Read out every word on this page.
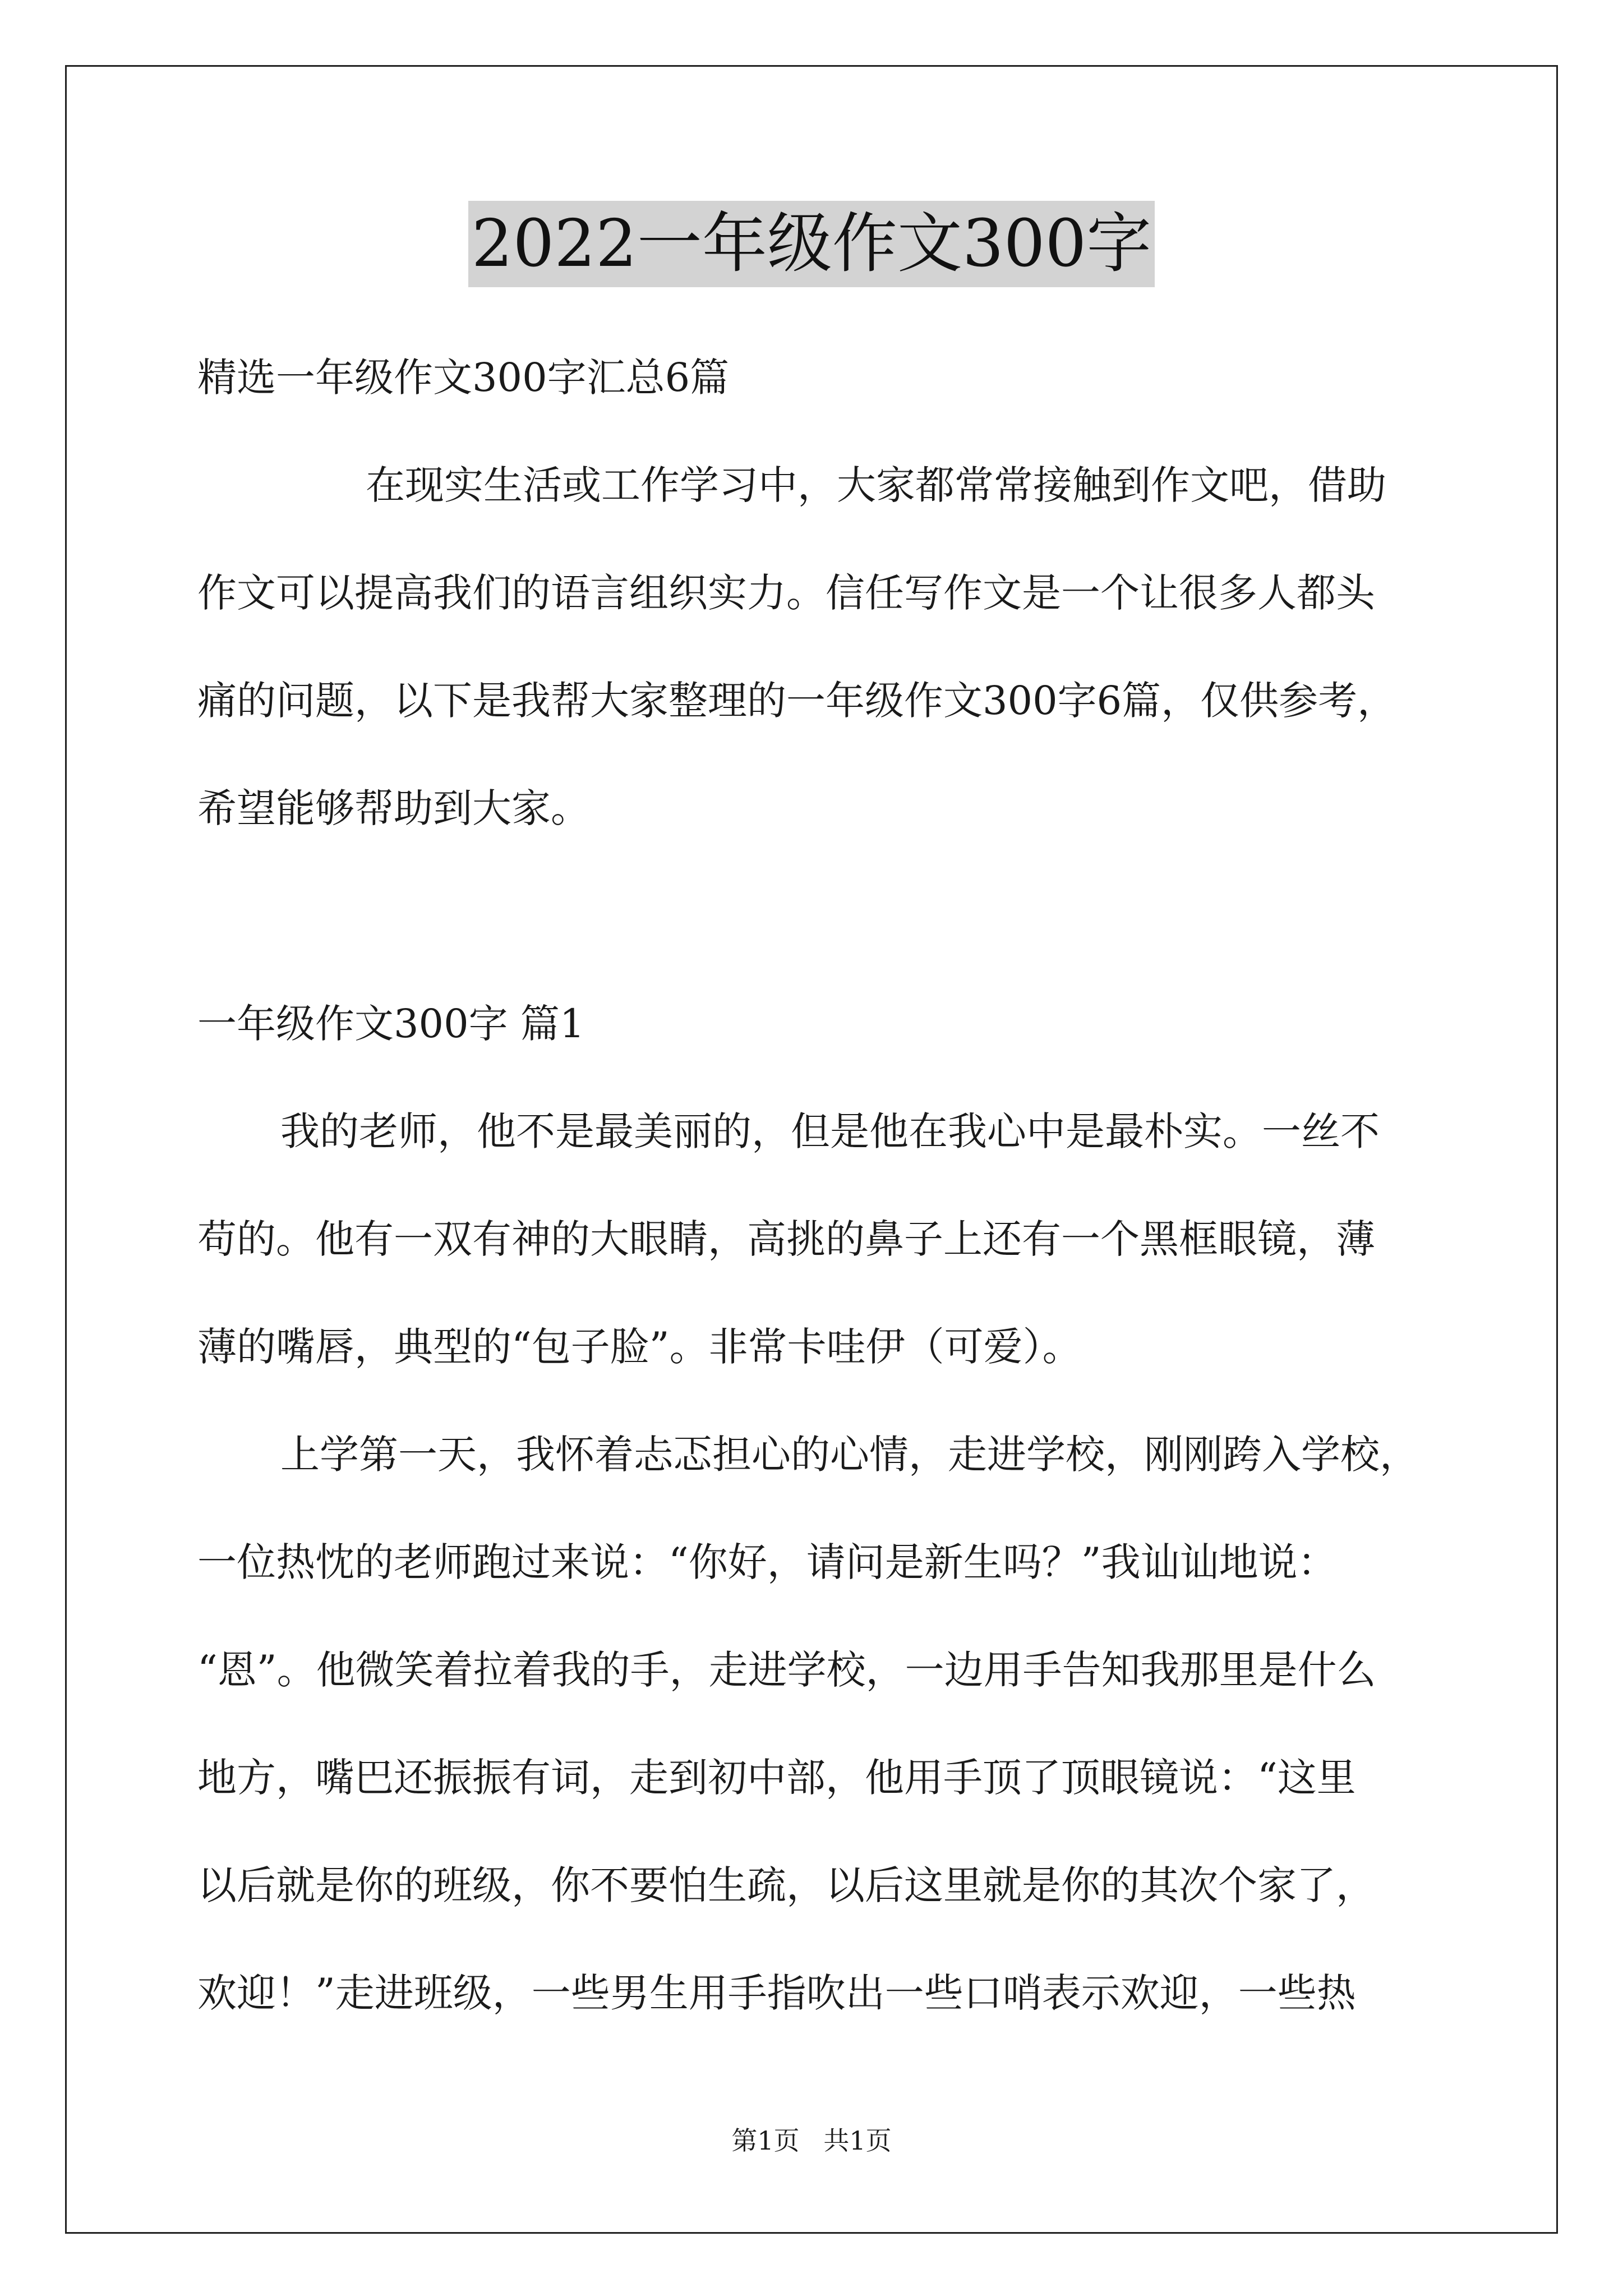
2022一年级作文300字
精选一年级作文300字汇总6篇
在现实生活或工作学习中，大家都常常接触到作文吧，借助
作文可以提高我们的语言组织实力。信任写作文是一个让很多人都头
痛的问题，以下是我帮大家整理的一年级作文300字6篇，仅供参考，
希望能够帮助到大家。
一年级作文300字 篇1
我的老师，他不是最美丽的，但是他在我心中是最朴实。一丝不
苟的。他有一双有神的大眼睛，高挑的鼻子上还有一个黑框眼镜，薄
薄的嘴唇，典型的“包子脸”。非常卡哇伊（可爱）。
上学第一天，我怀着忐忑担心的心情，走进学校，刚刚跨入学校，
一位热忱的老师跑过来说：“你好，请问是新生吗？”我讪讪地说：
“恩”。他微笑着拉着我的手，走进学校，一边用手告知我那里是什么
地方，嘴巴还振振有词，走到初中部，他用手顶了顶眼镜说：“这里
以后就是你的班级，你不要怕生疏，以后这里就是你的其次个家了，
欢迎！”走进班级，一些男生用手指吹出一些口哨表示欢迎，一些热
第1页 共1页
